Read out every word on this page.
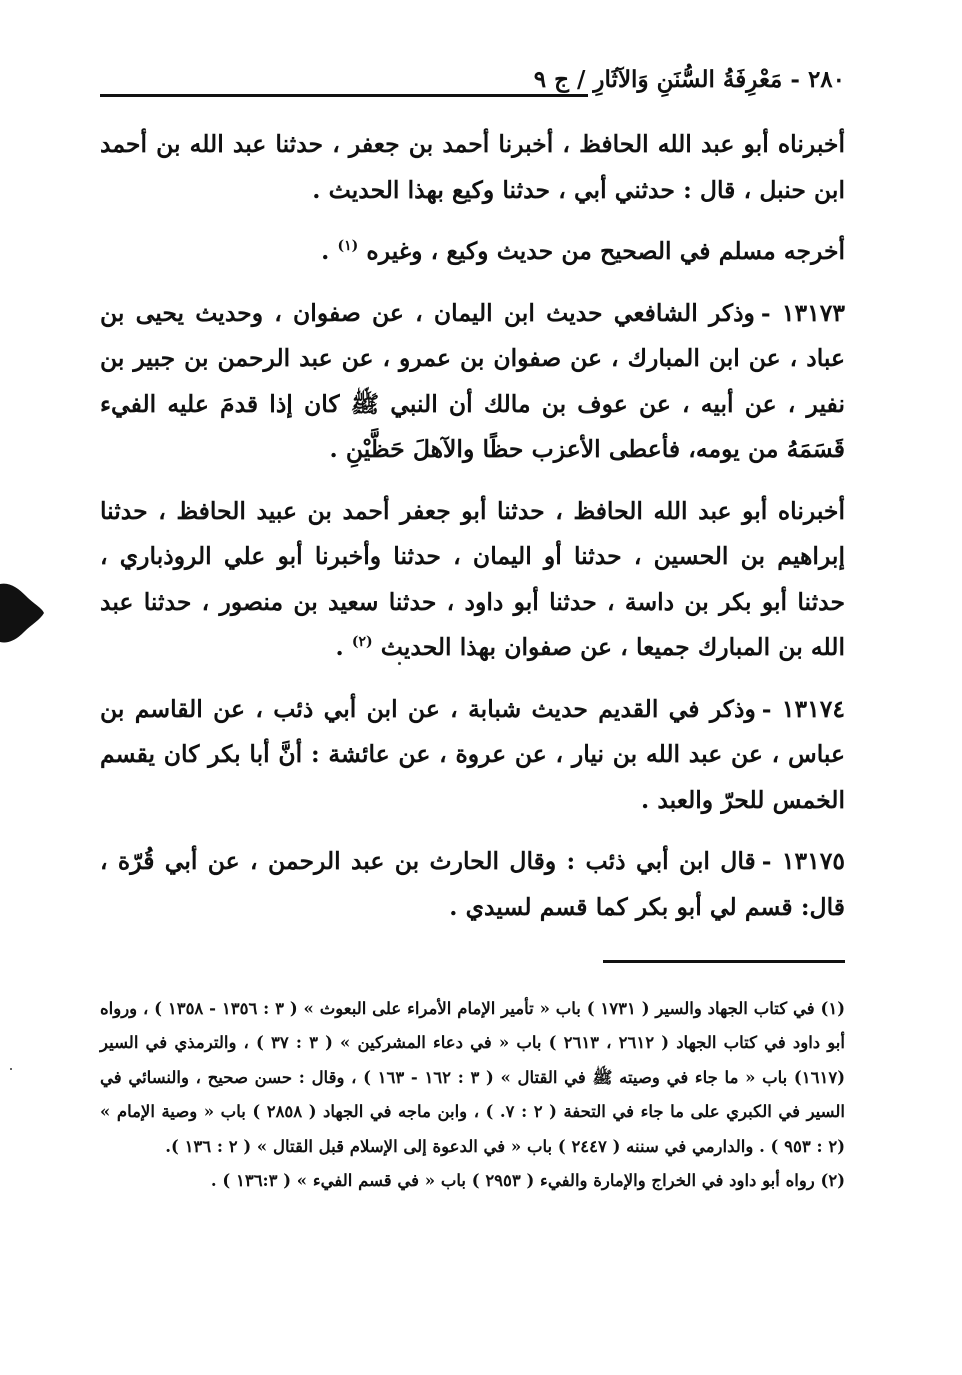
٢٨٠ - مَعْرِفَةُ السُّنَنِ وَالآثَارِ / ج ٩

أخبرناه أبو عبد الله الحافظ ، أخبرنا أحمد بن جعفر ، حدثنا عبد الله بن أحمد ابن حنبل ، قال : حدثني أبي ، حدثنا وكيع بهذا الحديث .

أخرجه مسلم في الصحيح من حديث وكيع ، وغيره $^{(١)}$ .

١٣١٧٣ -وذكر الشافعي حديث ابن اليمان ، عن صفوان ، وحديث يحيى بن عباد ، عن ابن المبارك ، عن صفوان بن عمرو ، عن عبد الرحمن بن جبير بن نفير ، عن أبيه ، عن عوف بن مالك أن النبي ﷺ كان إذا قدمَ عليه الفيء قَسَمَهُ من يومه، فأعطى الأعزب حظًا والآهلَ حَظَّيْنِ .

أخبرناه أبو عبد الله الحافظ ، حدثنا أبو جعفر أحمد بن عبيد الحافظ ، حدثنا إبراهيم بن الحسين ، حدثنا أو اليمان ، حدثنا وأخبرنا أبو علي الروذباري ، حدثنا أبو بكر بن داسة ، حدثنا أبو داود ، حدثنا سعيد بن منصور ، حدثنا عبد الله بن المبارك جميعا ، عن صفوان بهذا الحديث $^{(٢)}$ .

١٣١٧٤ -وذكر في القديم حديث شبابة ، عن ابن أبي ذئب ، عن القاسم بن عباس ، عن عبد الله بن نيار ، عن عروة ، عن عائشة : أنَّ أبا بكر كان يقسم الخمس للحرّ والعبد .

١٣١٧٥ -قال ابن أبي ذئب : وقال الحارث بن عبد الرحمن ، عن أبي قُرّة ، قال: قسم لي أبو بكر كما قسم لسيدي .

(١) في كتاب الجهاد والسير ( ١٧٣١ ) باب « تأمير الإمام الأمراء على البعوث » ( ٣ : ١٣٥٦ - ١٣٥٨ ) ، ورواه أبو داود في كتاب الجهاد ( ٢٦١٢ ، ٢٦١٣ ) باب « في دعاء المشركين » ( ٣ : ٣٧ ) ، والترمذي في السير (١٦١٧) باب « ما جاء في وصيته ﷺ في القتال » ( ٣ : ١٦٢ - ١٦٣ ) ، وقال : حسن صحيح ، والنسائي في السير في الكبري على ما جاء في التحفة ( ٢ : ٧. ) ، وابن ماجه في الجهاد ( ٢٨٥٨ ) باب « وصية الإمام » (٢ : ٩٥٣ ) . والدارمي في سننه ( ٢٤٤٧ ) باب « في الدعوة إلى الإسلام قبل القتال » ( ٢ : ١٣٦ ).

(٢) رواه أبو داود في الخراج والإمارة والفيء ( ٢٩٥٣ ) باب « في قسم الفيء » ( ١٣٦:٣ ) .
